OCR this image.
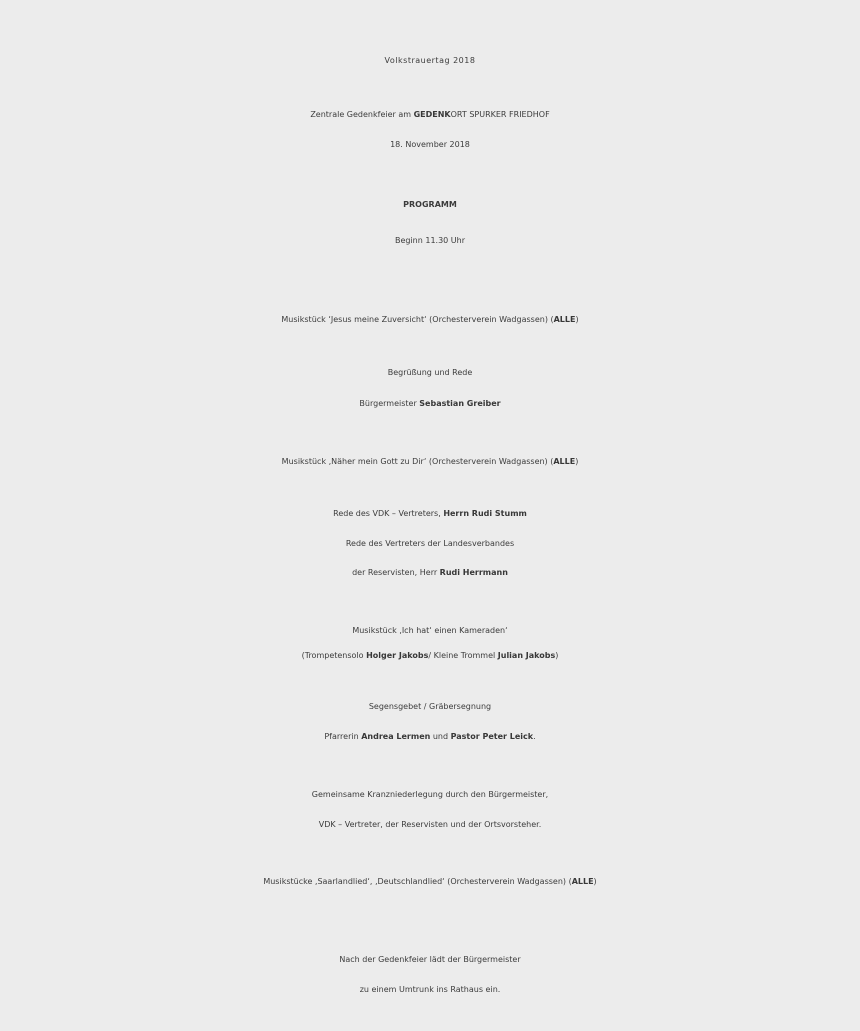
Volkstrauertag 2018
Zentrale Gedenkfeier am GEDENKORT SPURKER FRIEDHOF
18. November 2018
PROGRAMM
Beginn 11.30 Uhr
Musikstück ‘Jesus meine Zuversicht‘ (Orchesterverein Wadgassen) (ALLE)
Begrüßung und Rede
Bürgermeister Sebastian Greiber
Musikstück ‚Näher mein Gott zu Dir‘ (Orchesterverein Wadgassen) (ALLE)
Rede des VDK – Vertreters, Herrn Rudi Stumm
Rede des Vertreters der Landesverbandes
der Reservisten, Herr Rudi Herrmann
Musikstück ‚Ich hat‘ einen Kameraden‘
(Trompetensolo Holger Jakobs/ Kleine Trommel Julian Jakobs)
Segensgebet / Gräbersegnung
Pfarrerin Andrea Lermen und Pastor Peter Leick.
Gemeinsame Kranzniederlegung durch den Bürgermeister,
VDK – Vertreter, der Reservisten und der Ortsvorsteher.
Musikstücke ‚Saarlandlied‘, ‚Deutschlandlied‘ (Orchesterverein Wadgassen) (ALLE)
Nach der Gedenkfeier lädt der Bürgermeister
zu einem Umtrunk ins Rathaus ein.
